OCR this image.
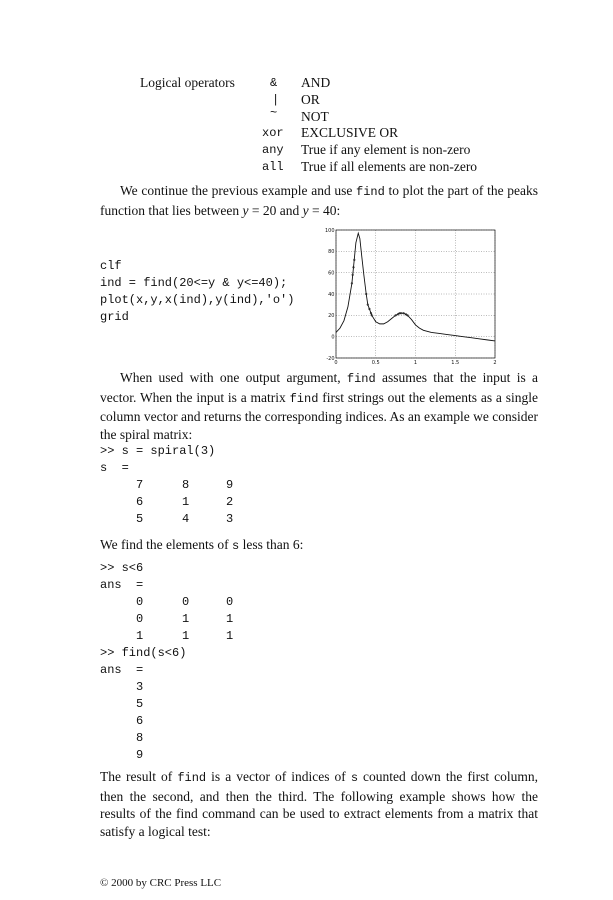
Logical operators	& AND
| OR
~ NOT
xor EXCLUSIVE OR
any True if any element is non-zero
all True if all elements are non-zero
We continue the previous example and use find to plot the part of the peaks function that lies between y = 20 and y = 40:
clf
ind = find(20<=y & y<=40);
plot(x,y,x(ind),y(ind),'o')
grid
0	0.5	1	1.5	2
-20
0
20
40
60
80
100
When used with one output argument, find assumes that the input is a vector. When the input is a matrix find first strings out the elements as a single column vector and returns the corresponding indices. As an example we consider the spiral matrix:
>> s = spiral(3)
s  =
7	8	9
6	1	2
5	4	3
We find the elements of s less than 6:
>> s<6
ans  =
0	0	0
0	1	1
1	1	1
>> find(s<6)
ans  =
3
5
6
8
9
The result of find is a vector of indices of s counted down the first column, then the second, and then the third. The following example shows how the results of the find command can be used to extract elements from a matrix that satisfy a logical test:
© 2000 by CRC Press LLC
